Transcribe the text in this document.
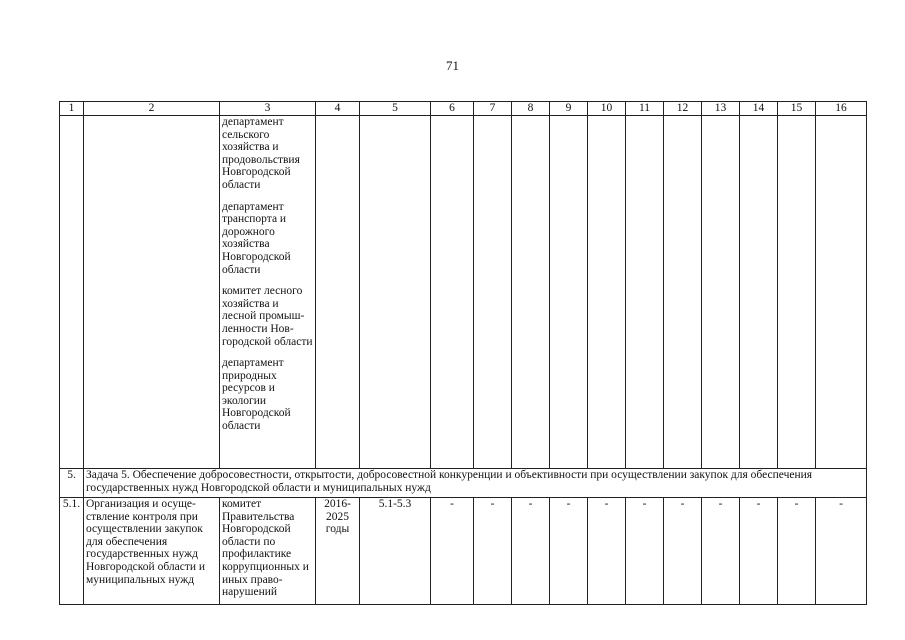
71
1	2	3	4	5	6	7	8	9	10	11	12	13	14	15	16

		департамент сельского хозяйства и продовольствия Новгородской области
департамент транспорта и дорожного хозяйства Новгородской области
комитет лесного хозяйства и лесной промыш- ленности Нов- городской области
департамент природных ресурсов и экологии Новгородской области													

5.	Задача 5. Обеспечение добросовестности, открытости, добросовестной конкуренции и объективности при осуществлении закупок для обеспечения государственных нужд Новгородской области и муниципальных нужд														
5.1.	Организация и осуще- ствление контроля при осуществлении закупок для обеспечения государственных нужд Новгородской области и муниципальных нужд	комитет Правительства Новгородской области по профилактике коррупционных и иных право- нарушений	2016- 2025 годы	5.1-5.3	-	-	-	-	-	-	-	-	-	-	-
